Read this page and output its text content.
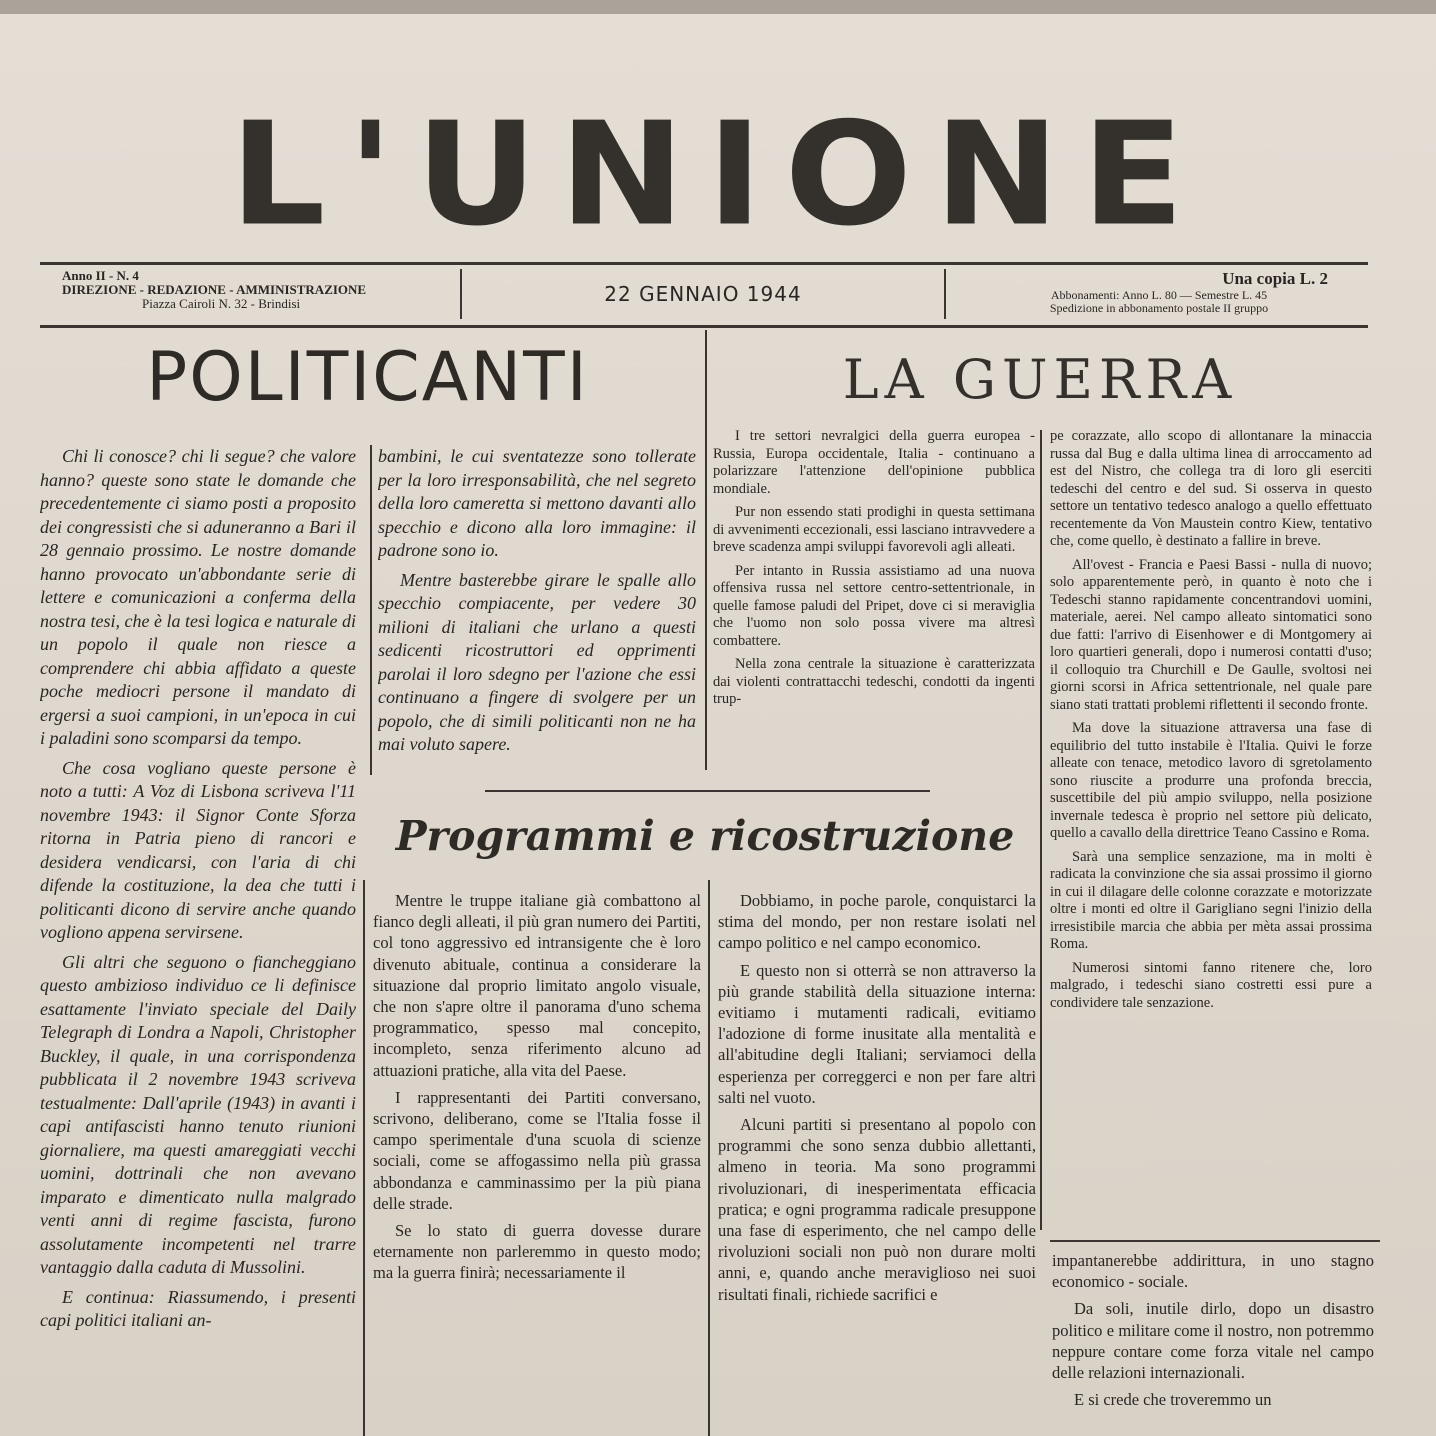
L'UNIONE
Anno II - N. 4
DIREZIONE - REDAZIONE - AMMINISTRAZIONE
Piazza Cairoli N. 32 - Brindisi	22 GENNAIO 1944
Una copia L. 2
Abbonamenti: Anno L. 80 — Semestre L. 45
Spedizione in abbonamento postale II gruppo
POLITICANTI

Chi li conosce? chi li segue? che valore hanno? queste sono state le domande che precedentemente ci siamo posti a proposito dei congressisti che si aduneranno a Bari il 28 gennaio prossimo. Le nostre domande hanno provocato un'abbondante serie di lettere e comunicazioni a conferma della nostra tesi, che è la tesi logica e naturale di un popolo il quale non riesce a comprendere chi abbia affidato a queste poche mediocri persone il mandato di ergersi a suoi campioni, in un'epoca in cui i paladini sono scomparsi da tempo.

Che cosa vogliano queste persone è noto a tutti: A Voz di Lisbona scriveva l'11 novembre 1943: il Signor Conte Sforza ritorna in Patria pieno di rancori e desidera vendicarsi, con l'aria di chi difende la costituzione, la dea che tutti i politicanti dicono di servire anche quando vogliono appena servirsene.

Gli altri che seguono o fiancheggiano questo ambizioso individuo ce li definisce esattamente l'inviato speciale del Daily Telegraph di Londra a Napoli, Christopher Buckley, il quale, in una corrispondenza pubblicata il 2 novembre 1943 scriveva testualmente: Dall'aprile (1943) in avanti i capi antifascisti hanno tenuto riunioni giornaliere, ma questi amareggiati vecchi uomini, dottrinali che non avevano imparato e dimenticato nulla malgrado venti anni di regime fascista, furono assolutamente incompetenti nel trarre vantaggio dalla caduta di Mussolini.

E continua: Riassumendo, i presenti capi politici italiani an-

bambini, le cui sventatezze sono tollerate per la loro irresponsabilità, che nel segreto della loro cameretta si mettono davanti allo specchio e dicono alla loro immagine: il padrone sono io.

Mentre basterebbe girare le spalle allo specchio compiacente, per vedere 30 milioni di italiani che urlano a questi sedicenti ricostruttori ed opprimenti parolai il loro sdegno per l'azione che essi continuano a fingere di svolgere per un popolo, che di simili politicanti non ne ha mai voluto sapere.

LA GUERRA

I tre settori nevralgici della guerra europea - Russia, Europa occidentale, Italia - continuano a polarizzare l'attenzione dell'opinione pubblica mondiale.

Pur non essendo stati prodighi in questa settimana di avvenimenti eccezionali, essi lasciano intravvedere a breve scadenza ampi sviluppi favorevoli agli alleati.

Per intanto in Russia assistiamo ad una nuova offensiva russa nel settore centro-settentrionale, in quelle famose paludi del Pripet, dove ci si meraviglia che l'uomo non solo possa vivere ma altresì combattere.

Nella zona centrale la situazione è caratterizzata dai violenti contrattacchi tedeschi, condotti da ingenti trup-

pe corazzate, allo scopo di allontanare la minaccia russa dal Bug e dalla ultima linea di arroccamento ad est del Nistro, che collega tra di loro gli eserciti tedeschi del centro e del sud. Si osserva in questo settore un tentativo tedesco analogo a quello effettuato recentemente da Von Maustein contro Kiew, tentativo che, come quello, è destinato a fallire in breve.

All'ovest - Francia e Paesi Bassi - nulla di nuovo; solo apparentemente però, in quanto è noto che i Tedeschi stanno rapidamente concentrandovi uomini, materiale, aerei. Nel campo alleato sintomatici sono due fatti: l'arrivo di Eisenhower e di Montgomery ai loro quartieri generali, dopo i numerosi contatti d'uso; il colloquio tra Churchill e De Gaulle, svoltosi nei giorni scorsi in Africa settentrionale, nel quale pare siano stati trattati problemi riflettenti il secondo fronte.

Ma dove la situazione attraversa una fase di equilibrio del tutto instabile è l'Italia. Quivi le forze alleate con tenace, metodico lavoro di sgretolamento sono riuscite a produrre una profonda breccia, suscettibile del più ampio sviluppo, nella posizione invernale tedesca è proprio nel settore più delicato, quello a cavallo della direttrice Teano Cassino e Roma.

Sarà una semplice senzazione, ma in molti è radicata la convinzione che sia assai prossimo il giorno in cui il dilagare delle colonne corazzate e motorizzate oltre i monti ed oltre il Garigliano segni l'inizio della irresistibile marcia che abbia per mèta assai prossima Roma.

Numerosi sintomi fanno ritenere che, loro malgrado, i tedeschi siano costretti essi pure a condividere tale senzazione.

Programmi e ricostruzione

Mentre le truppe italiane già combattono al fianco degli alleati, il più gran numero dei Partiti, col tono aggressivo ed intransigente che è loro divenuto abituale, continua a considerare la situazione dal proprio limitato angolo visuale, che non s'apre oltre il panorama d'uno schema programmatico, spesso mal concepito, incompleto, senza riferimento alcuno ad attuazioni pratiche, alla vita del Paese.

I rappresentanti dei Partiti conversano, scrivono, deliberano, come se l'Italia fosse il campo sperimentale d'una scuola di scienze sociali, come se affogassimo nella più grassa abbondanza e camminassimo per la più piana delle strade.

Se lo stato di guerra dovesse durare eternamente non parleremmo in questo modo; ma la guerra finirà; necessariamente il

Dobbiamo, in poche parole, conquistarci la stima del mondo, per non restare isolati nel campo politico e nel campo economico.

E questo non si otterrà se non attraverso la più grande stabilità della situazione interna: evitiamo i mutamenti radicali, evitiamo l'adozione di forme inusitate alla mentalità e all'abitudine degli Italiani; serviamoci della esperienza per correggerci e non per fare altri salti nel vuoto.

Alcuni partiti si presentano al popolo con programmi che sono senza dubbio allettanti, almeno in teoria. Ma sono programmi rivoluzionari, di inesperimentata efficacia pratica; e ogni programma radicale presuppone una fase di esperimento, che nel campo delle rivoluzioni sociali non può non durare molti anni, e, quando anche meraviglioso nei suoi risultati finali, richiede sacrifici e

impantanerebbe addirittura, in uno stagno economico - sociale.

Da soli, inutile dirlo, dopo un disastro politico e militare come il nostro, non potremmo neppure contare come forza vitale nel campo delle relazioni internazionali.

E si crede che troveremmo un
